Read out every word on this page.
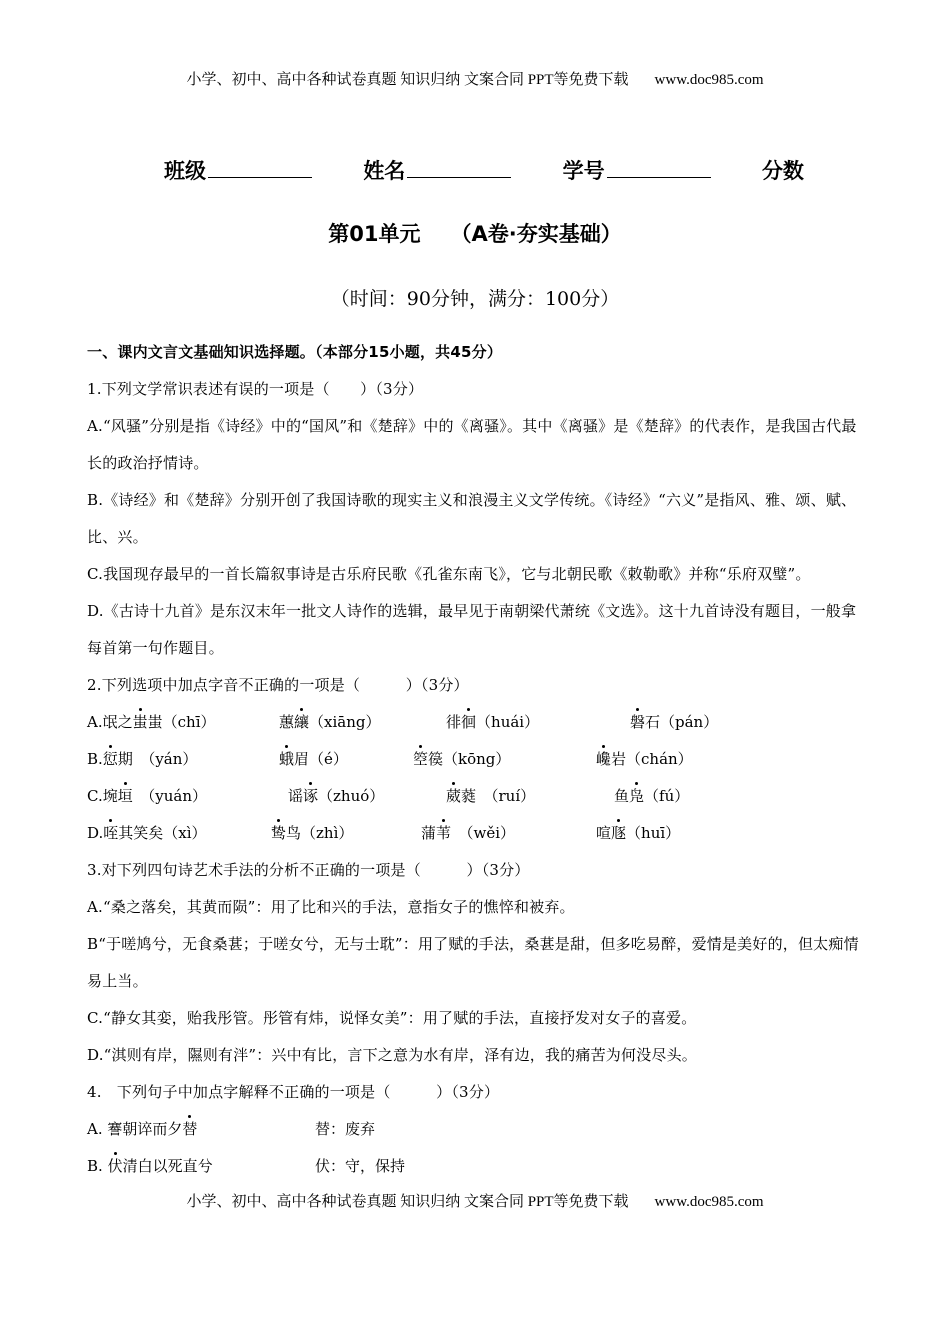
小学、初中、高中各种试卷真题 知识归纳 文案合同 PPT等免费下载 www.doc985.com
班级	姓名	学号	分数
第01单元 （A卷·夯实基础）
（时间：90分钟，满分：100分）

一、课内文言文基础知识选择题。（本部分15小题，共45分）

1.下列文学常识表述有误的一项是（　　）（3分）

A.“风骚”分别是指《诗经》中的“国风”和《楚辞》中的《离骚》。其中《离骚》是《楚辞》的代表作，是我国古代最长的政治抒情诗。

B.《诗经》和《楚辞》分别开创了我国诗歌的现实主义和浪漫主义文学传统。《诗经》“六义”是指风、雅、颂、赋、比、兴。

C.我国现存最早的一首长篇叙事诗是古乐府民歌《孔雀东南飞》，它与北朝民歌《敕勒歌》并称“乐府双璧”。

D.《古诗十九首》是东汉末年一批文人诗作的选辑，最早见于南朝梁代萧统《文选》。这十九首诗没有题目，一般拿每首第一句作题目。

2.下列选项中加点字音不正确的一项是（　　　）（3分）

A.氓之蚩蚩（chī）	蕙纕（xiāng）	徘徊（huái）	磐石（pán）
B.愆期　（yán）	蛾眉（é）	箜篌（kōng）	巉岩（chán）
C.埦垣　（yuán）	谣诼（zhuó）	葳蕤　（ruí）	鱼凫（fú）
D.咥其笑矣（xì）	鸷鸟（zhì）	蒲苇　（wěi）	喧豗（huī）

3.对下列四句诗艺术手法的分析不正确的一项是（　　　）（3分）

A.“桑之落矣，其黄而陨”：用了比和兴的手法，意指女子的憔悴和被弃。

B“于嗟鸠兮，无食桑葚；于嗟女兮，无与士耽”：用了赋的手法，桑葚是甜，但多吃易醉，爱情是美好的，但太痴情易上当。

C.“静女其娈，贻我彤管。彤管有炜，说怿女美”：用了赋的手法，直接抒发对女子的喜爱。

D.“淇则有岸，隰则有泮”：兴中有比，言下之意为水有岸，泽有边，我的痛苦为何没尽头。

4.　下列句子中加点字解释不正确的一项是（　　　）（3分）

A. 謇朝谇而夕替	替：废弃
B. 伏清白以死直兮	伏：守，保持
小学、初中、高中各种试卷真题 知识归纳 文案合同 PPT等免费下载 www.doc985.com
